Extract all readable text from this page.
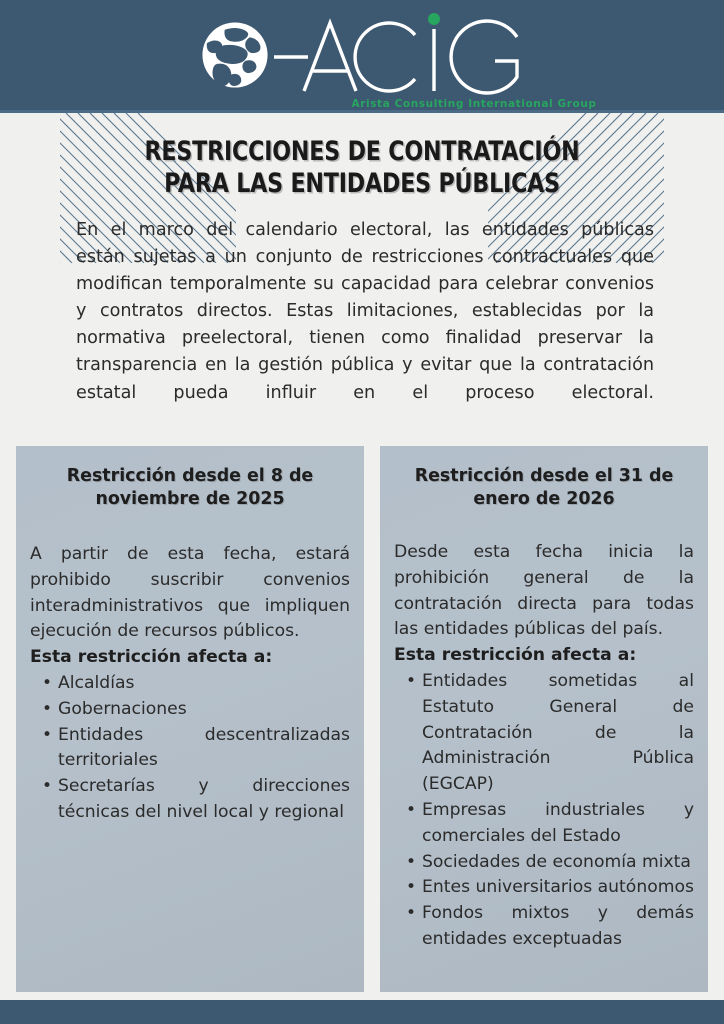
Arista Consulting International Group
RESTRICCIONES DE CONTRATACIÓN
PARA LAS ENTIDADES PÚBLICAS

En el marco del calendario electoral, las entidades públicas están sujetas a un conjunto de restricciones contractuales que modifican temporalmente su capacidad para celebrar convenios y contratos directos. Estas limitaciones, establecidas por la normativa preelectoral, tienen como finalidad preservar la transparencia en la gestión pública y evitar que la contratación estatal pueda influir en el proceso electoral.

Restricción desde el 8 de noviembre de 2025

A partir de esta fecha, estará prohibido suscribir convenios interadministrativos que impliquen ejecución de recursos públicos.

Esta restricción afecta a:

• Alcaldías
• Gobernaciones
• Entidades descentralizadas territoriales
• Secretarías y direcciones técnicas del nivel local y regional
Restricción desde el 31 de enero de 2026

Desde esta fecha inicia la prohibición general de la contratación directa para todas las entidades públicas del país.

Esta restricción afecta a:

• Entidades sometidas al Estatuto General de Contratación de la Administración Pública (EGCAP)
• Empresas industriales y comerciales del Estado
• Sociedades de economía mixta
• Entes universitarios autónomos
• Fondos mixtos y demás entidades exceptuadas
